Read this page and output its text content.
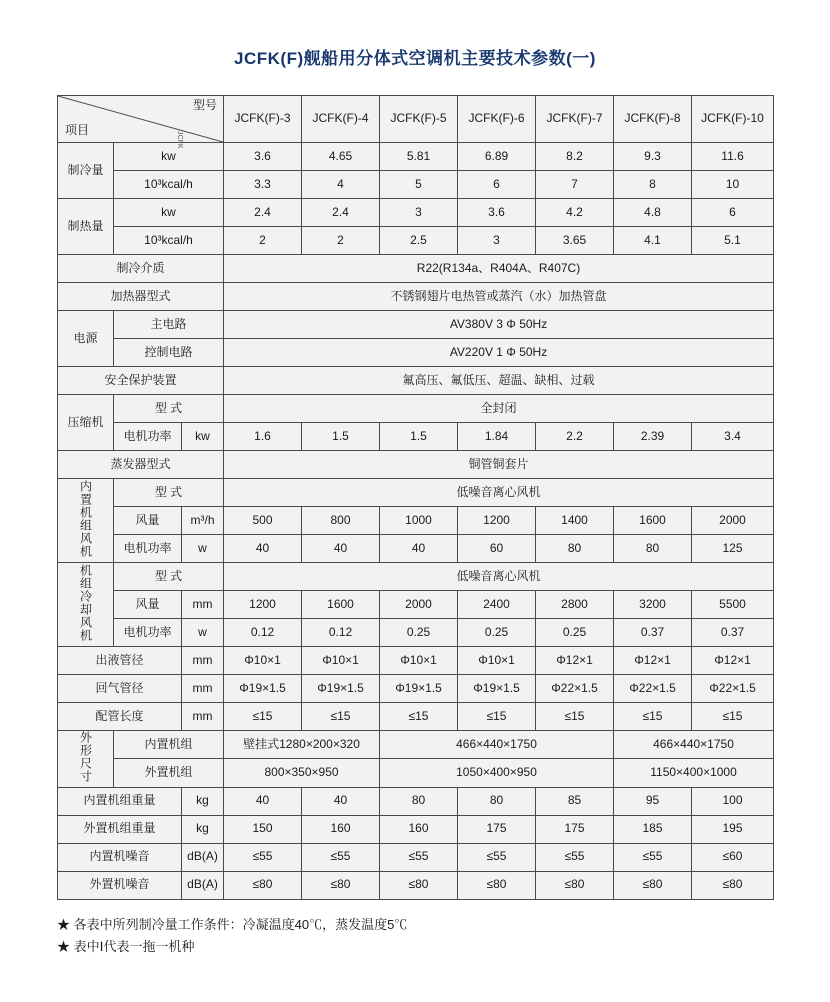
JCFK(F)舰船用分体式空调机主要技术参数(一)
型号
项目			JCFK(F)-3	JCFK(F)-4	JCFK(F)-5	JCFK(F)-6	JCFK(F)-7	JCFK(F)-8	JCFK(F)-10
制冷量	kw		3.6	4.65	5.81	6.89	8.2	9.3	11.6
	10³kcal/h		3.3	4	5	6	7	8	10
制热量	kw		2.4	2.4	3	3.6	4.2	4.8	6
	10³kcal/h		2	2	2.5	3	3.65	4.1	5.1
制冷介质			R22(R134a、R404A、R407C)						
加热器型式			不锈钢翅片电热管或蒸汽（水）加热管盘						
电源	主电路		AV380V 3 Φ 50Hz						
	控制电路		AV220V 1 Φ 50Hz						
安全保护装置			氟高压、氟低压、超温、缺相、过载						
压缩机	型 式		全封闭						
	电机功率	kw	1.6	1.5	1.5	1.84	2.2	2.39	3.4
蒸发器型式			铜管铜套片						
内置机组风机	型 式		低噪音离心风机						
	风量	m³/h	500	800	1000	1200	1400	1600	2000
	电机功率	w	40	40	40	60	80	80	125
机组冷却风机	型 式		低噪音离心风机						
	风量	mm	1200	1600	2000	2400	2800	3200	5500
	电机功率	w	0.12	0.12	0.25	0.25	0.25	0.37	0.37
出液管径		mm	Φ10×1	Φ10×1	Φ10×1	Φ10×1	Φ12×1	Φ12×1	Φ12×1
回气管径		mm	Φ19×1.5	Φ19×1.5	Φ19×1.5	Φ19×1.5	Φ22×1.5	Φ22×1.5	Φ22×1.5
配管长度		mm	≤15	≤15	≤15	≤15	≤15	≤15	≤15
外形尺寸	内置机组		壁挂式1280×200×320		466×440×1750			466×440×1750	
	外置机组		800×350×950		1050×400×950			1150×400×1000	
内置机组重量		kg	40	40	80	80	85	95	100
外置机组重量		kg	150	160	160	175	175	185	195
内置机噪音		dB(A)	≤55	≤55	≤55	≤55	≤55	≤55	≤60
外置机噪音		dB(A)	≤80	≤80	≤80	≤80	≤80	≤80	≤80
JCFK
★ 各表中所列制冷量工作条件：冷凝温度40℃，蒸发温度5℃
★ 表中Ⅰ代表一拖一机种
